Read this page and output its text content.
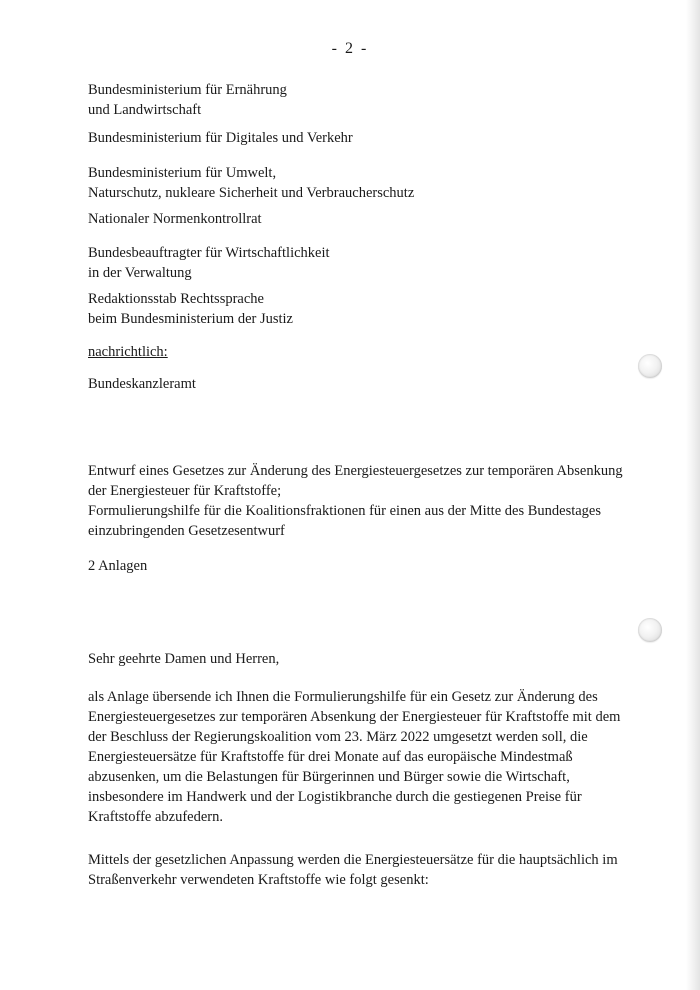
- 2 -

Bundesministerium für Ernährung
und Landwirtschaft

Bundesministerium für Digitales und Verkehr

Bundesministerium für Umwelt,
Naturschutz, nukleare Sicherheit und Verbraucherschutz

Nationaler Normenkontrollrat

Bundesbeauftragter für Wirtschaftlichkeit
in der Verwaltung

Redaktionsstab Rechtssprache
beim Bundesministerium der Justiz

nachrichtlich:

Bundeskanzleramt

Entwurf eines Gesetzes zur Änderung des Energiesteuergesetzes zur temporären Absenkung
der Energiesteuer für Kraftstoffe;
Formulierungshilfe für die Koalitionsfraktionen für einen aus der Mitte des Bundestages
einzubringenden Gesetzesentwurf

2 Anlagen

Sehr geehrte Damen und Herren,

als Anlage übersende ich Ihnen die Formulierungshilfe für ein Gesetz zur Änderung des
Energiesteuergesetzes zur temporären Absenkung der Energiesteuer für Kraftstoffe mit dem
der Beschluss der Regierungskoalition vom 23. März 2022 umgesetzt werden soll, die
Energiesteuersätze für Kraftstoffe für drei Monate auf das europäische Mindestmaß
abzusenken, um die Belastungen für Bürgerinnen und Bürger sowie die Wirtschaft,
insbesondere im Handwerk und der Logistikbranche durch die gestiegenen Preise für
Kraftstoffe abzufedern.

Mittels der gesetzlichen Anpassung werden die Energiesteuersätze für die hauptsächlich im
Straßenverkehr verwendeten Kraftstoffe wie folgt gesenkt:
